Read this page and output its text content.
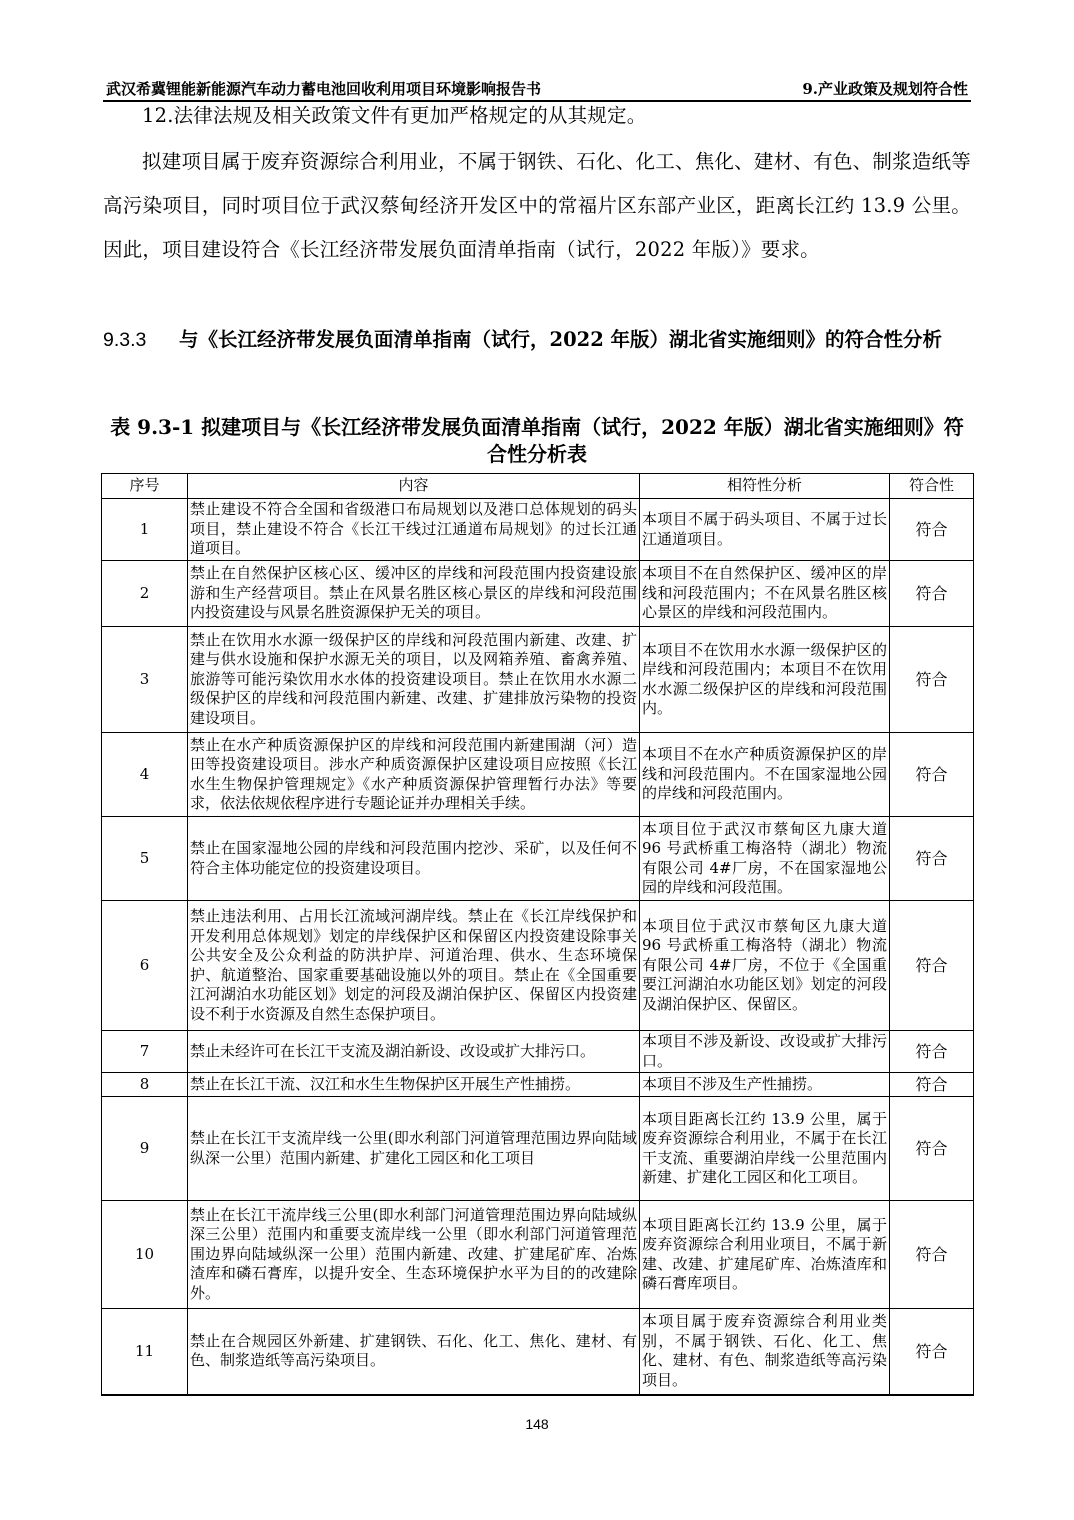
武汉希冀锂能新能源汽车动力蓄电池回收利用项目环境影响报告书	9.产业政策及规划符合性
12.法律法规及相关政策文件有更加严格规定的从其规定。
拟建项目属于废弃资源综合利用业，不属于钢铁、石化、化工、焦化、建材、有色、制浆造纸等高污染项目，同时项目位于武汉蔡甸经济开发区中的常福片区东部产业区，距离长江约 13.9 公里。因此，项目建设符合《长江经济带发展负面清单指南（试行，2022 年版）》要求。
9.3.3 与《长江经济带发展负面清单指南（试行，2022 年版）湖北省实施细则》的符合性分析
表 9.3-1 拟建项目与《长江经济带发展负面清单指南（试行，2022 年版）湖北省实施细则》符合性分析表
序号	内容	相符性分析	符合性
1	禁止建设不符合全国和省级港口布局规划以及港口总体规划的码头项目，禁止建设不符合《长江干线过江通道布局规划》的过长江通道项目。	本项目不属于码头项目、不属于过长江通道项目。	符合
2	禁止在自然保护区核心区、缓冲区的岸线和河段范围内投资建设旅游和生产经营项目。禁止在风景名胜区核心景区的岸线和河段范围内投资建设与风景名胜资源保护无关的项目。	本项目不在自然保护区、缓冲区的岸线和河段范围内；不在风景名胜区核心景区的岸线和河段范围内。	符合
3	禁止在饮用水水源一级保护区的岸线和河段范围内新建、改建、扩建与供水设施和保护水源无关的项目，以及网箱养殖、畜禽养殖、旅游等可能污染饮用水水体的投资建设项目。禁止在饮用水水源二级保护区的岸线和河段范围内新建、改建、扩建排放污染物的投资建设项目。	本项目不在饮用水水源一级保护区的岸线和河段范围内；本项目不在饮用水水源二级保护区的岸线和河段范围内。	符合
4	禁止在水产种质资源保护区的岸线和河段范围内新建围湖（河）造田等投资建设项目。涉水产种质资源保护区建设项目应按照《长江水生生物保护管理规定》《水产种质资源保护管理暂行办法》等要求，依法依规依程序进行专题论证并办理相关手续。	本项目不在水产种质资源保护区的岸线和河段范围内。不在国家湿地公园的岸线和河段范围内。	符合
5	禁止在国家湿地公园的岸线和河段范围内挖沙、采矿，以及任何不符合主体功能定位的投资建设项目。	本项目位于武汉市蔡甸区九康大道 96 号武桥重工梅洛特（湖北）物流有限公司 4#厂房，不在国家湿地公园的岸线和河段范围。	符合
6	禁止违法利用、占用长江流域河湖岸线。禁止在《长江岸线保护和开发利用总体规划》划定的岸线保护区和保留区内投资建设除事关公共安全及公众利益的防洪护岸、河道治理、供水、生态环境保护、航道整治、国家重要基础设施以外的项目。禁止在《全国重要江河湖泊水功能区划》划定的河段及湖泊保护区、保留区内投资建设不利于水资源及自然生态保护项目。	本项目位于武汉市蔡甸区九康大道 96 号武桥重工梅洛特（湖北）物流有限公司 4#厂房，不位于《全国重要江河湖泊水功能区划》划定的河段及湖泊保护区、保留区。	符合
7	禁止未经许可在长江干支流及湖泊新设、改设或扩大排污口。	本项目不涉及新设、改设或扩大排污口。	符合
8	禁止在长江干流、汉江和水生生物保护区开展生产性捕捞。	本项目不涉及生产性捕捞。	符合
9	禁止在长江干支流岸线一公里(即水利部门河道管理范围边界向陆域纵深一公里）范围内新建、扩建化工园区和化工项目	本项目距离长江约 13.9 公里，属于废弃资源综合利用业，不属于在长江干支流、重要湖泊岸线一公里范围内新建、扩建化工园区和化工项目。	符合
10	禁止在长江干流岸线三公里(即水利部门河道管理范围边界向陆域纵深三公里）范围内和重要支流岸线一公里（即水利部门河道管理范围边界向陆域纵深一公里）范围内新建、改建、扩建尾矿库、冶炼渣库和磷石膏库，以提升安全、生态环境保护水平为目的的改建除外。	本项目距离长江约 13.9 公里，属于废弃资源综合利用业项目，不属于新建、改建、扩建尾矿库、冶炼渣库和磷石膏库项目。	符合
11	禁止在合规园区外新建、扩建钢铁、石化、化工、焦化、建材、有色、制浆造纸等高污染项目。	本项目属于废弃资源综合利用业类别，不属于钢铁、石化、化工、焦化、建材、有色、制浆造纸等高污染项目。	符合
148
